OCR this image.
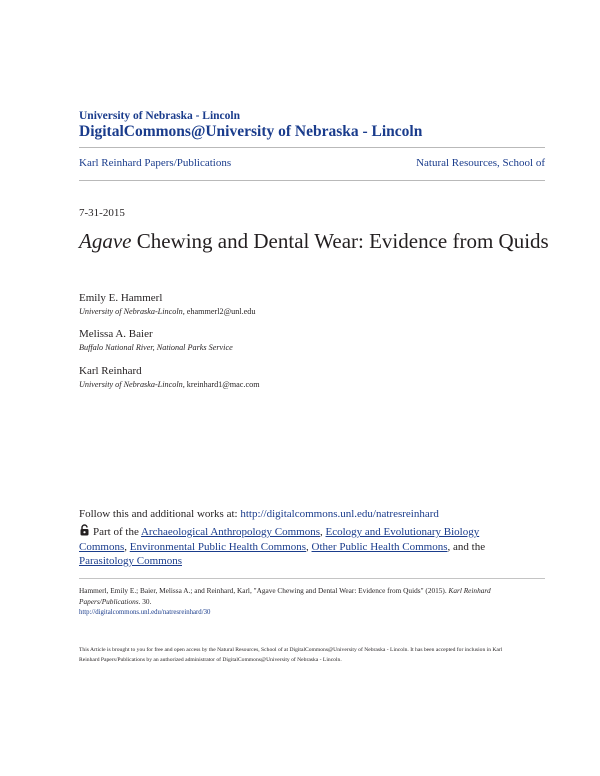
University of Nebraska - Lincoln
DigitalCommons@University of Nebraska - Lincoln
Karl Reinhard Papers/Publications	Natural Resources, School of
7-31-2015
Agave Chewing and Dental Wear: Evidence from Quids
Emily E. Hammerl
University of Nebraska-Lincoln, ehammerl2@unl.edu
Melissa A. Baier
Buffalo National River, National Parks Service
Karl Reinhard
University of Nebraska-Lincoln, kreinhard1@mac.com
Follow this and additional works at: http://digitalcommons.unl.edu/natresreinhard
Part of the Archaeological Anthropology Commons, Ecology and Evolutionary Biology Commons, Environmental Public Health Commons, Other Public Health Commons, and the Parasitology Commons
Hammerl, Emily E.; Baier, Melissa A.; and Reinhard, Karl, "Agave Chewing and Dental Wear: Evidence from Quids" (2015). Karl Reinhard Papers/Publications. 30.
http://digitalcommons.unl.edu/natresreinhard/30
This Article is brought to you for free and open access by the Natural Resources, School of at DigitalCommons@University of Nebraska - Lincoln. It has been accepted for inclusion in Karl Reinhard Papers/Publications by an authorized administrator of DigitalCommons@University of Nebraska - Lincoln.
